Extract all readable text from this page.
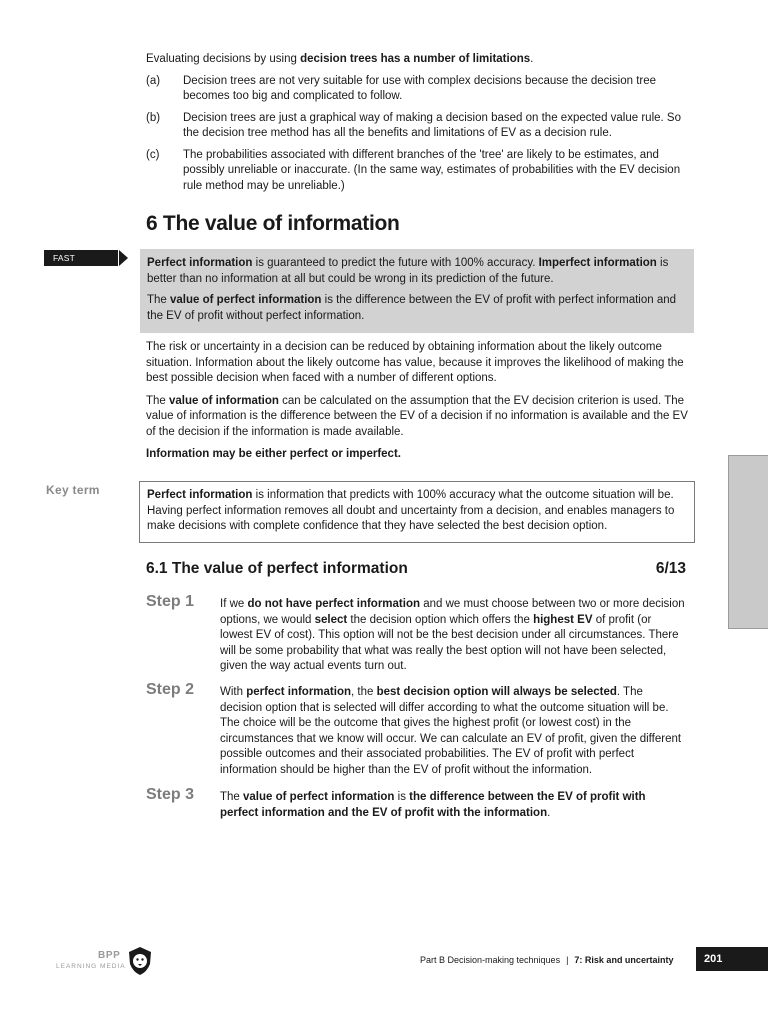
Evaluating decisions by using decision trees has a number of limitations.

(a)	Decision trees are not very suitable for use with complex decisions because the decision tree becomes too big and complicated to follow.
(b)	Decision trees are just a graphical way of making a decision based on the expected value rule. So the decision tree method has all the benefits and limitations of EV as a decision rule.
(c)	The probabilities associated with different branches of the 'tree' are likely to be estimates, and possibly unreliable or inaccurate. (In the same way, estimates of probabilities with the EV decision rule method may be unreliable.)
6 The value of information
FAST FORWARD

Perfect information is guaranteed to predict the future with 100% accuracy. Imperfect information is better than no information at all but could be wrong in its prediction of the future.

The value of perfect information is the difference between the EV of profit with perfect information and the EV of profit without perfect information.

The risk or uncertainty in a decision can be reduced by obtaining information about the likely outcome situation. Information about the likely outcome has value, because it improves the likelihood of making the best possible decision when faced with a number of different options.

The value of information can be calculated on the assumption that the EV decision criterion is used. The value of information is the difference between the EV of a decision if no information is available and the EV of the decision if the information is made available.

Information may be either perfect or imperfect.

Key term	Perfect information is information that predicts with 100% accuracy what the outcome situation will be. Having perfect information removes all doubt and uncertainty from a decision, and enables managers to make decisions with complete confidence that they have selected the best decision option.
6.1 The value of perfect information	6/13
Step 1	If we do not have perfect information and we must choose between two or more decision options, we would select the decision option which offers the highest EV of profit (or lowest EV of cost). This option will not be the best decision under all circumstances. There will be some probability that what was really the best option will not have been selected, given the way actual events turn out.
Step 2	With perfect information, the best decision option will always be selected. The decision option that is selected will differ according to what the outcome situation will be. The choice will be the outcome that gives the highest profit (or lowest cost) in the circumstances that we know will occur. We can calculate an EV of profit, given the different possible outcomes and their associated probabilities. The EV of profit with perfect information should be higher than the EV of profit without the information.
Step 3	The value of perfect information is the difference between the EV of profit with perfect information and the EV of profit with the information.
BPP
LEARNING MEDIA
Part B Decision-making techniques | 7: Risk and uncertainty	201
